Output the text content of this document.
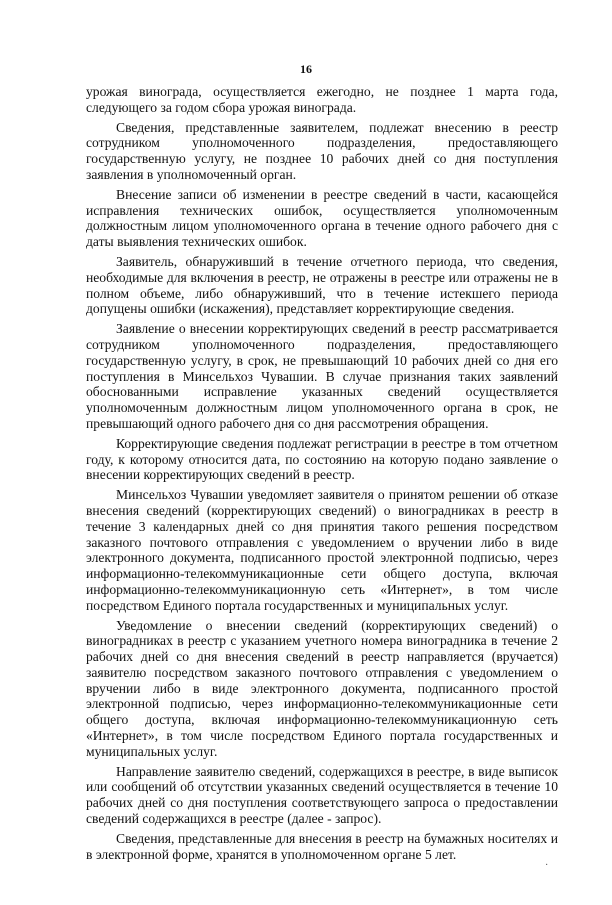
16

урожая винограда, осуществляется ежегодно, не позднее 1 марта года, следующего за годом сбора урожая винограда.

Сведения, представленные заявителем, подлежат внесению в реестр сотрудником уполномоченного подразделения, предоставляющего государственную услугу, не позднее 10 рабочих дней со дня поступления заявления в уполномоченный орган.

Внесение записи об изменении в реестре сведений в части, касающейся исправления технических ошибок, осуществляется уполномоченным должностным лицом уполномоченного органа в течение одного рабочего дня с даты выявления технических ошибок.

Заявитель, обнаруживший в течение отчетного периода, что сведения, необходимые для включения в реестр, не отражены в реестре или отражены не в полном объеме, либо обнаруживший, что в течение истекшего периода допущены ошибки (искажения), представляет корректирующие сведения.

Заявление о внесении корректирующих сведений в реестр рассматривается сотрудником уполномоченного подразделения, предоставляющего государственную услугу, в срок, не превышающий 10 рабочих дней со дня его поступления в Минсельхоз Чувашии. В случае признания таких заявлений обоснованными исправление указанных сведений осуществляется уполномоченным должностным лицом уполномоченного органа в срок, не превышающий одного рабочего дня со дня рассмотрения обращения.

Корректирующие сведения подлежат регистрации в реестре в том отчетном году, к которому относится дата, по состоянию на которую подано заявление о внесении корректирующих сведений в реестр.

Минсельхоз Чувашии уведомляет заявителя о принятом решении об отказе внесения сведений (корректирующих сведений) о виноградниках в реестр в течение 3 календарных дней со дня принятия такого решения посредством заказного почтового отправления с уведомлением о вручении либо в виде электронного документа, подписанного простой электронной подписью, через информационно-телекоммуникационные сети общего доступа, включая информационно-телекоммуникационную сеть «Интернет», в том числе посредством Единого портала государственных и муниципальных услуг.

Уведомление о внесении сведений (корректирующих сведений) о виноградниках в реестр с указанием учетного номера виноградника в течение 2 рабочих дней со дня внесения сведений в реестр направляется (вручается) заявителю посредством заказного почтового отправления с уведомлением о вручении либо в виде электронного документа, подписанного простой электронной подписью, через информационно-телекоммуникационные сети общего доступа, включая информационно-телекоммуникационную сеть «Интернет», в том числе посредством Единого портала государственных и муниципальных услуг.

Направление заявителю сведений, содержащихся в реестре, в виде выписок или сообщений об отсутствии указанных сведений осуществляется в течение 10 рабочих дней со дня поступления соответствующего запроса о предоставлении сведений содержащихся в реестре (далее - запрос).

Сведения, представленные для внесения в реестр на бумажных носителях и в электронной форме, хранятся в уполномоченном органе 5 лет.

·
